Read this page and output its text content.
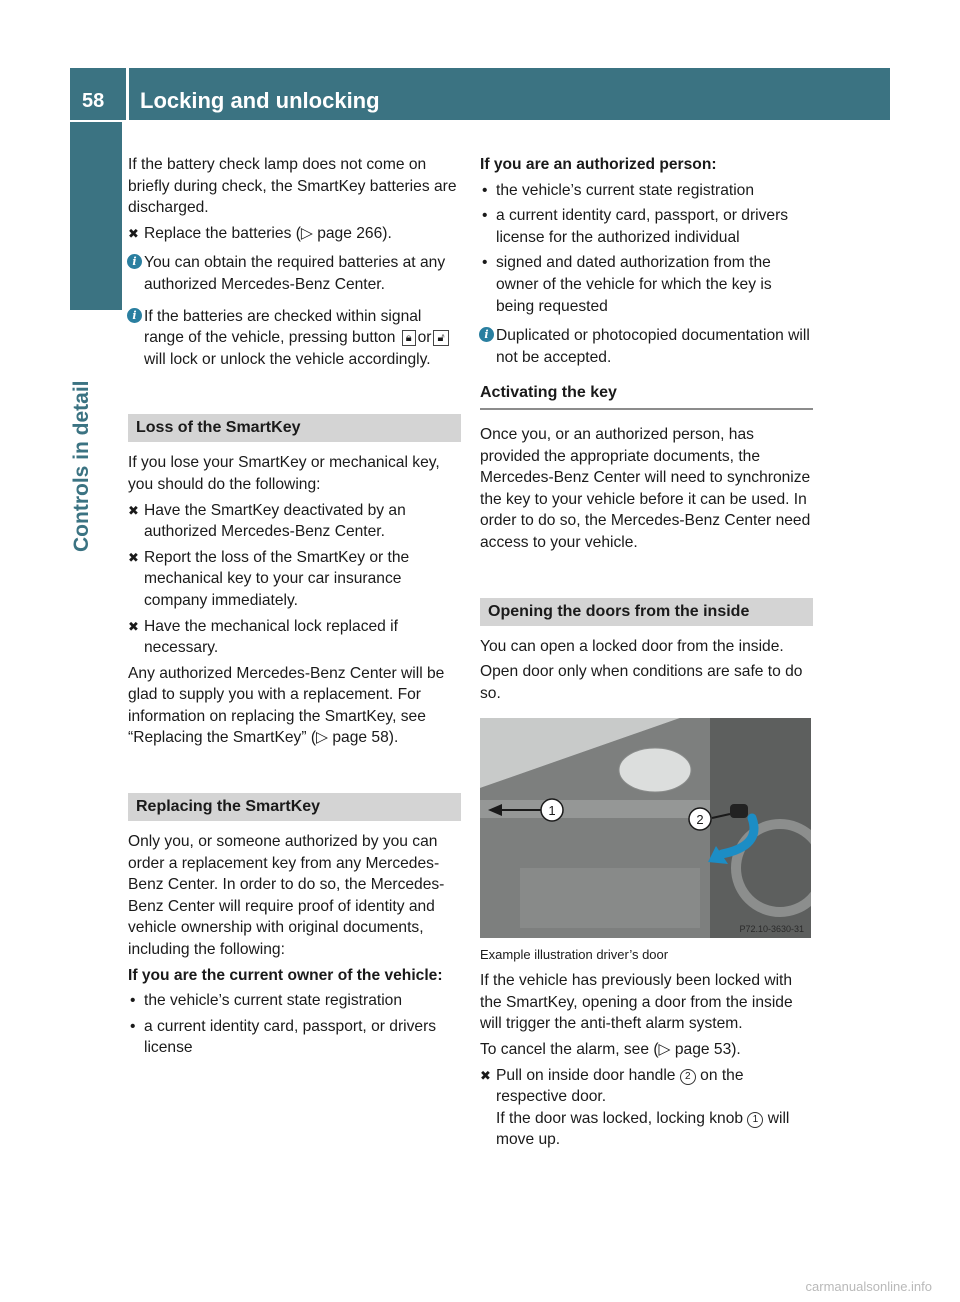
58 Locking and unlocking
Controls in detail

If the battery check lamp does not come on briefly during check, the SmartKey batteries are discharged.

✖ Replace the batteries (▷ page 266).
i You can obtain the required batteries at any authorized Mercedes-Benz Center.
i If the batteries are checked within signal range of the vehicle, pressing button 🔒︎ or 🔓︎will lock or unlock the vehicle accordingly.
Loss of the SmartKey

If you lose your SmartKey or mechanical key, you should do the following:

✖ Have the SmartKey deactivated by an authorized Mercedes-Benz Center.
✖ Report the loss of the SmartKey or the mechanical key to your car insurance company immediately.
✖ Have the mechanical lock replaced if necessary.

Any authorized Mercedes-Benz Center will be glad to supply you with a replacement. For information on replacing the SmartKey, see “Replacing the SmartKey” (▷ page 58).

Replacing the SmartKey

Only you, or someone authorized by you can order a replacement key from any Mercedes-Benz Center. In order to do so, the Mercedes-Benz Center will require proof of identity and vehicle ownership with original documents, including the following:

If you are the current owner of the vehicle:

• the vehicle’s current state registration
• a current identity card, passport, or drivers license

If you are an authorized person:

• the vehicle’s current state registration
• a current identity card, passport, or drivers license for the authorized individual
• signed and dated authorization from the owner of the vehicle for which the key is being requested
i Duplicated or photocopied documentation will not be accepted.
Activating the key

Once you, or an authorized person, has provided the appropriate documents, the Mercedes-Benz Center will need to synchronize the key to your vehicle before it can be used. In order to do so, the Mercedes-Benz Center need access to your vehicle.

Opening the doors from the inside

You can open a locked door from the inside.

Open door only when conditions are safe to do so.

1
2
P72.10-3630-31
Example illustration driver’s door

If the vehicle has previously been locked with the SmartKey, opening a door from the inside will trigger the anti-theft alarm system.

To cancel the alarm, see (▷ page 53).

✖ Pull on inside door handle 2 on the respective door.
If the door was locked, locking knob 1 will move up.
carmanualsonline.info
